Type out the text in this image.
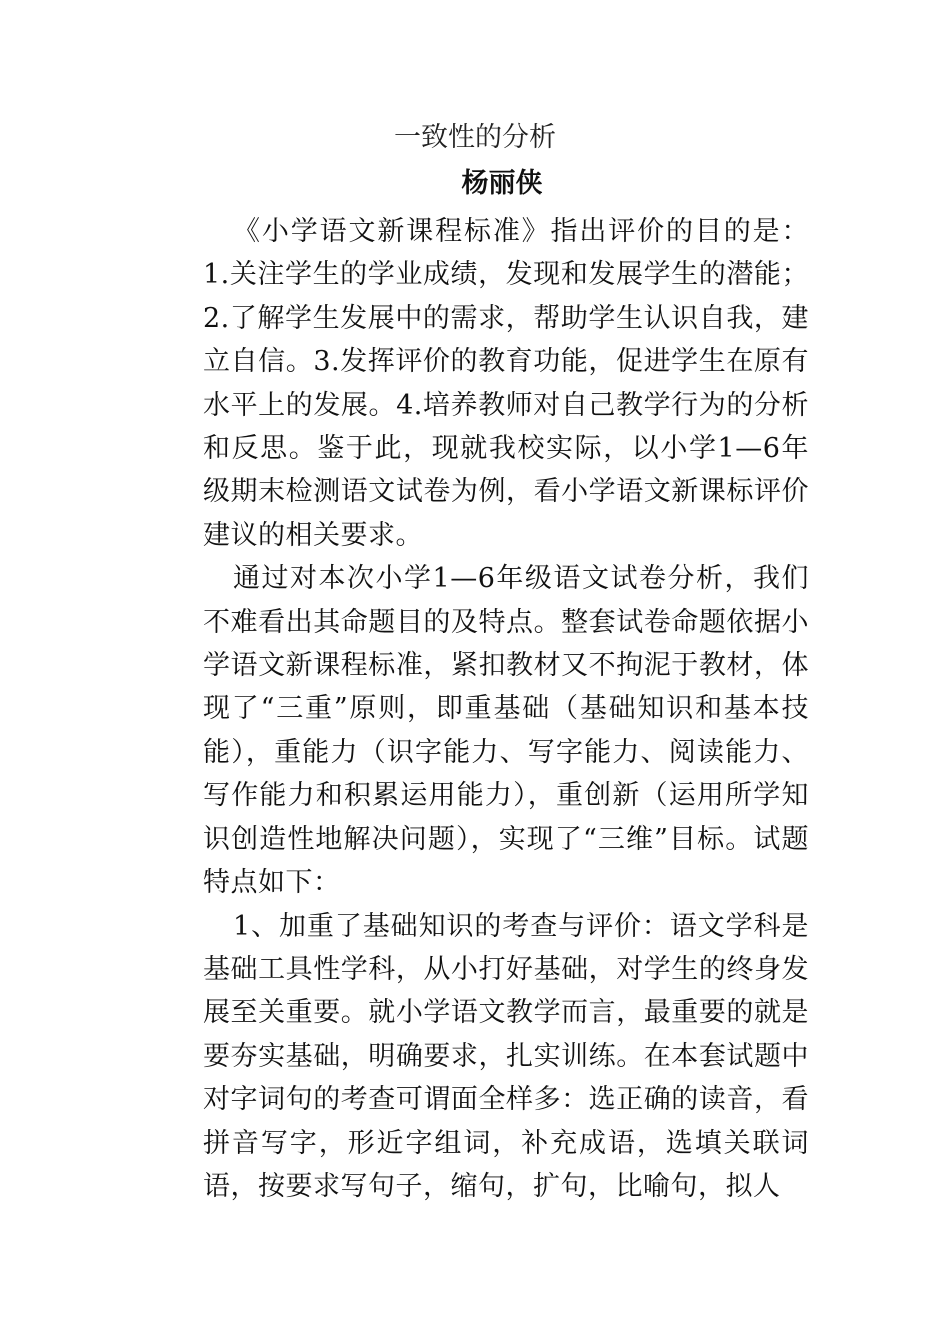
一致性的分析
杨丽侠

《小学语文新课程标准》指出评价的目的是：1.关注学生的学业成绩，发现和发展学生的潜能；2.了解学生发展中的需求，帮助学生认识自我，建立自信。3.发挥评价的教育功能，促进学生在原有水平上的发展。4.培养教师对自己教学行为的分析和反思。鉴于此，现就我校实际，以小学1—6年级期末检测语文试卷为例，看小学语文新课标评价建议的相关要求。

通过对本次小学1—6年级语文试卷分析，我们不难看出其命题目的及特点。整套试卷命题依据小学语文新课程标准，紧扣教材又不拘泥于教材，体现了“三重”原则，即重基础（基础知识和基本技能），重能力（识字能力、写字能力、阅读能力、写作能力和积累运用能力），重创新（运用所学知识创造性地解决问题），实现了“三维”目标。试题特点如下：

1、加重了基础知识的考查与评价：语文学科是基础工具性学科，从小打好基础，对学生的终身发展至关重要。就小学语文教学而言，最重要的就是要夯实基础，明确要求，扎实训练。在本套试题中对字词句的考查可谓面全样多：选正确的读音，看拼音写字，形近字组词，补充成语，选填关联词语，按要求写句子，缩句，扩句，比喻句，拟人
